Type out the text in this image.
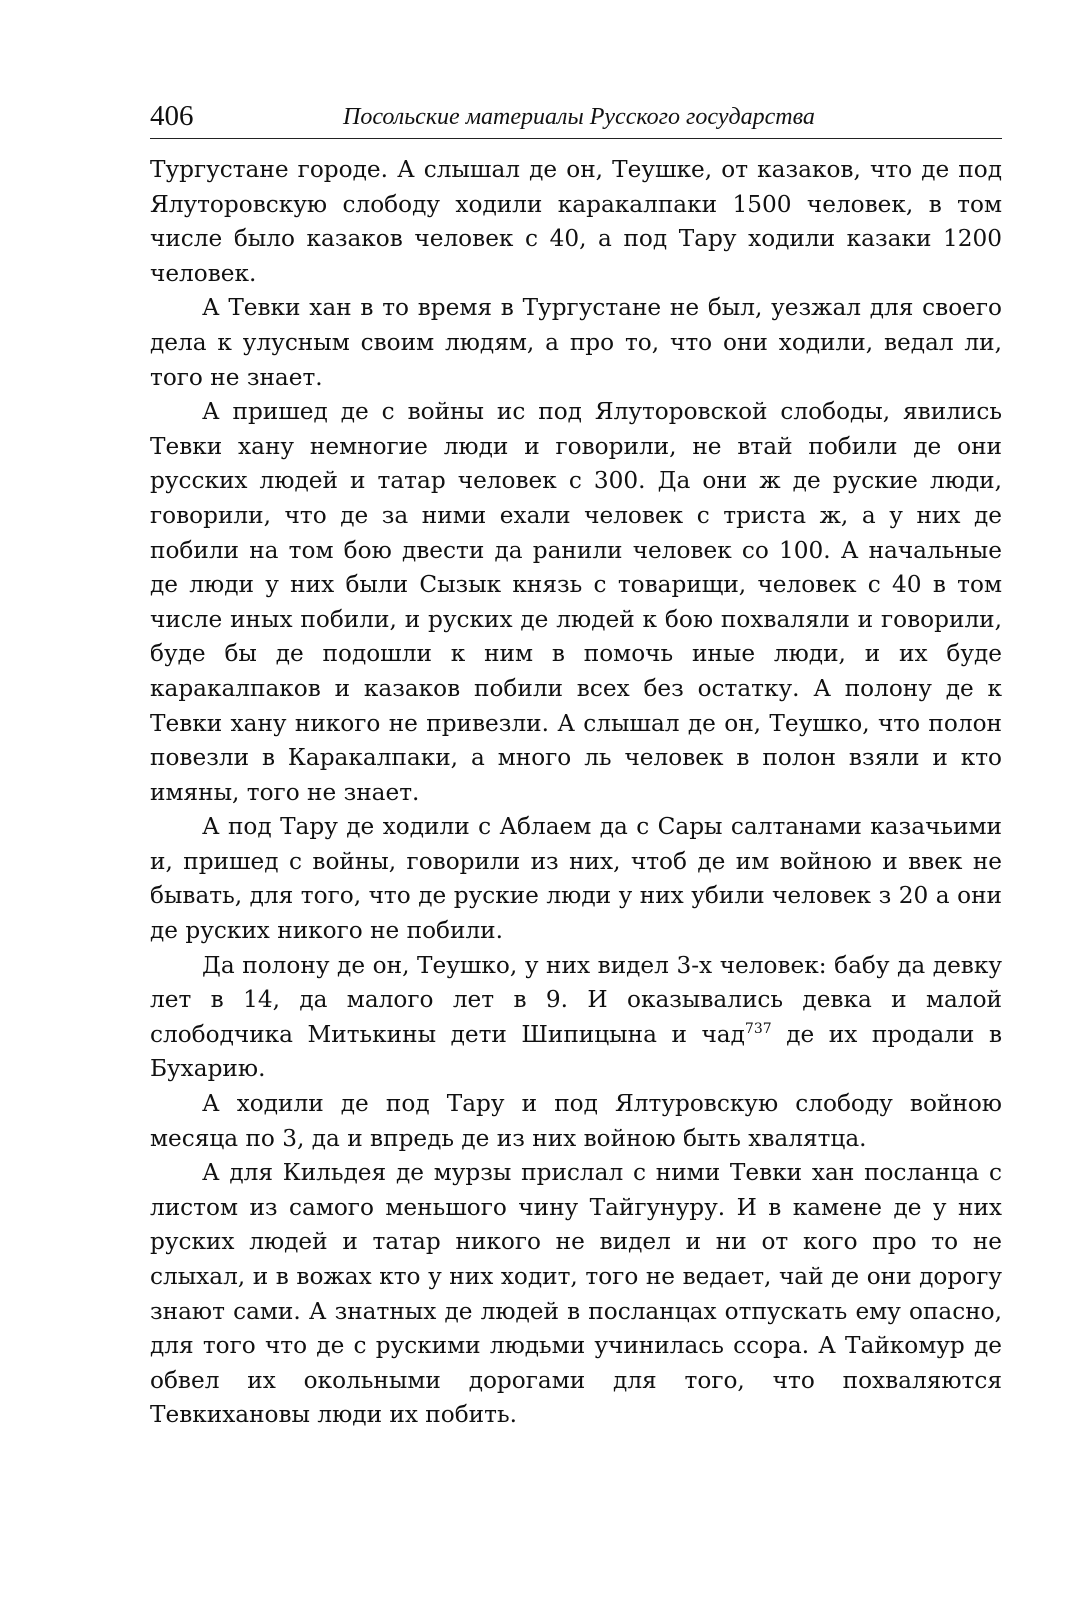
406	Посольские материалы Русского государства

Тургустане городе. А слышал де он, Теушке, от казаков, что де под Ялуторовскую слободу ходили каракалпаки 1500 человек, в том числе было казаков человек с 40, а под Тару ходили казаки 1200 человек.

А Тевки хан в то время в Тургустане не был, уезжал для своего дела к улусным своим людям, а про то, что они ходили, ведал ли, того не знает.

А пришед де с войны ис под Ялуторовской слободы, явились Тевки хану немногие люди и говорили, не втай побили де они русских людей и татар человек с 300. Да они ж де руские люди, говорили, что де за ними ехали человек с триста ж, а у них де побили на том бою двести да ранили человек со 100. А начальные де люди у них были Сызык князь с товарищи, человек с 40 в том числе иных побили, и руских де людей к бою похваляли и говорили, буде бы де подошли к ним в помочь иные люди, и их буде каракалпаков и казаков побили всех без остатку. А полону де к Тевки хану никого не привезли. А слышал де он, Теушко, что полон повезли в Каракалпаки, а много ль человек в полон взяли и кто имяны, того не знает.

А под Тару де ходили с Аблаем да с Сары салтанами казачьими и, пришед с войны, говорили из них, чтоб де им войною и ввек не бывать, для того, что де руские люди у них убили человек з 20 а они де руских никого не побили.

Да полону де он, Теушко, у них видел 3-х человек: бабу да девку лет в 14, да малого лет в 9. И оказывались девка и малой слободчика Митькины дети Шипицына и чад$^{737}$ де их продали в Бухарию.

А ходили де под Тару и под Ялтуровскую слободу войною месяца по 3, да и впредь де из них войною быть хвалятца.

А для Кильдея де мурзы прислал с ними Тевки хан посланца с листом из самого меньшого чину Тайгунуру. И в камене де у них руских людей и татар никого не видел и ни от кого про то не слыхал, и в вожах кто у них ходит, того не ведает, чай де они дорогу знают сами. А знатных де людей в посланцах отпускать ему опасно, для того что де с рускими людьми учинилась ссора. А Тайкомур де обвел их окольными дорогами для того, что похваляются Тевкихановы люди их побить.
